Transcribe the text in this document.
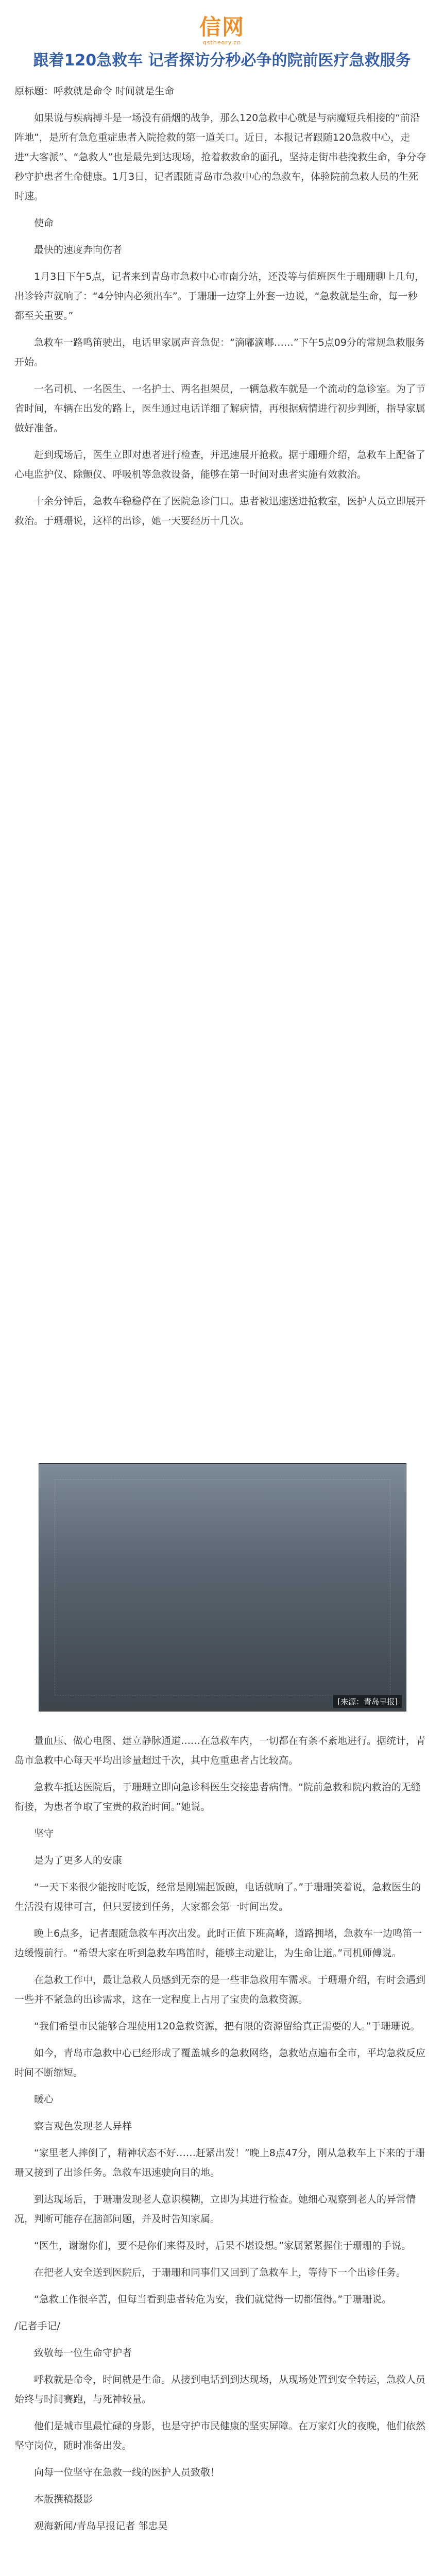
信网
qstheory.cn
跟着120急救车 记者探访分秒必争的院前医疗急救服务

原标题：呼救就是命令 时间就是生命

如果说与疾病搏斗是一场没有硝烟的战争，那么120急救中心就是与病魔短兵相接的“前沿阵地”，是所有急危重症患者入院抢救的第一道关口。近日，本报记者跟随120急救中心，走进“大客派”、“急救人”也是最先到达现场，抢着救救命的面孔，坚持走街串巷挽救生命，争分夺秒守护患者生命健康。1月3日，记者跟随青岛市急救中心的急救车，体验院前急救人员的生死时速。

使命

最快的速度奔向伤者

1月3日下午5点，记者来到青岛市急救中心市南分站，还没等与值班医生于珊珊聊上几句，出诊铃声就响了：“4分钟内必须出车”。于珊珊一边穿上外套一边说，“急救就是生命，每一秒都至关重要。”

急救车一路鸣笛驶出，电话里家属声音急促：“滴嘟滴嘟……”下午5点09分的常规急救服务开始。

一名司机、一名医生、一名护士、两名担架员，一辆急救车就是一个流动的急诊室。为了节省时间，车辆在出发的路上，医生通过电话详细了解病情，再根据病情进行初步判断，指导家属做好准备。

赶到现场后，医生立即对患者进行检查，并迅速展开抢救。据于珊珊介绍，急救车上配备了心电监护仪、除颤仪、呼吸机等急救设备，能够在第一时间对患者实施有效救治。

十余分钟后，急救车稳稳停在了医院急诊门口。患者被迅速送进抢救室，医护人员立即展开救治。于珊珊说，这样的出诊，她一天要经历十几次。

[来源：青岛早报]

量血压、做心电图、建立静脉通道……在急救车内，一切都在有条不紊地进行。据统计，青岛市急救中心每天平均出诊量超过千次，其中危重患者占比较高。

急救车抵达医院后，于珊珊立即向急诊科医生交接患者病情。“院前急救和院内救治的无缝衔接，为患者争取了宝贵的救治时间。”她说。

坚守

是为了更多人的安康

“一天下来很少能按时吃饭，经常是刚端起饭碗，电话就响了。”于珊珊笑着说，急救医生的生活没有规律可言，但只要接到任务，大家都会第一时间出发。

晚上6点多，记者跟随急救车再次出发。此时正值下班高峰，道路拥堵，急救车一边鸣笛一边缓慢前行。“希望大家在听到急救车鸣笛时，能够主动避让，为生命让道。”司机师傅说。

在急救工作中，最让急救人员感到无奈的是一些非急救用车需求。于珊珊介绍，有时会遇到一些并不紧急的出诊需求，这在一定程度上占用了宝贵的急救资源。

“我们希望市民能够合理使用120急救资源，把有限的资源留给真正需要的人。”于珊珊说。

如今，青岛市急救中心已经形成了覆盖城乡的急救网络，急救站点遍布全市，平均急救反应时间不断缩短。

暖心

察言观色发现老人异样

“家里老人摔倒了，精神状态不好……赶紧出发！”晚上8点47分，刚从急救车上下来的于珊珊又接到了出诊任务。急救车迅速驶向目的地。

到达现场后，于珊珊发现老人意识模糊，立即为其进行检查。她细心观察到老人的异常情况，判断可能存在脑部问题，并及时告知家属。

“医生，谢谢你们，要不是你们来得及时，后果不堪设想。”家属紧紧握住于珊珊的手说。

在把老人安全送到医院后，于珊珊和同事们又回到了急救车上，等待下一个出诊任务。

“急救工作很辛苦，但每当看到患者转危为安，我们就觉得一切都值得。”于珊珊说。

/记者手记/

致敬每一位生命守护者

呼救就是命令，时间就是生命。从接到电话到到达现场，从现场处置到安全转运，急救人员始终与时间赛跑，与死神较量。

他们是城市里最忙碌的身影，也是守护市民健康的坚实屏障。在万家灯火的夜晚，他们依然坚守岗位，随时准备出发。

向每一位坚守在急救一线的医护人员致敬！

本版撰稿摄影

观海新闻/青岛早报记者 邹忠昊
